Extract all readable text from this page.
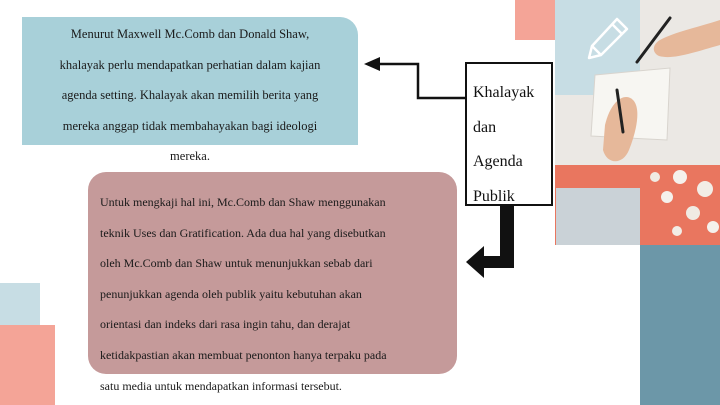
Menurut Maxwell Mc.Comb dan Donald Shaw,
khalayak perlu mendapatkan perhatian dalam kajian
agenda setting. Khalayak akan memilih berita yang
mereka anggap tidak membahayakan bagi ideologi
mereka.
Untuk mengkaji hal ini, Mc.Comb dan Shaw menggunakan
teknik Uses dan Gratification. Ada dua hal yang disebutkan
oleh Mc.Comb dan Shaw untuk menunjukkan sebab dari
penunjukkan agenda oleh publik yaitu kebutuhan akan
orientasi dan indeks dari rasa ingin tahu, dan derajat
ketidakpastian akan membuat penonton hanya terpaku pada
satu media untuk mendapatkan informasi tersebut.
Khalayak
dan
Agenda
Publik
